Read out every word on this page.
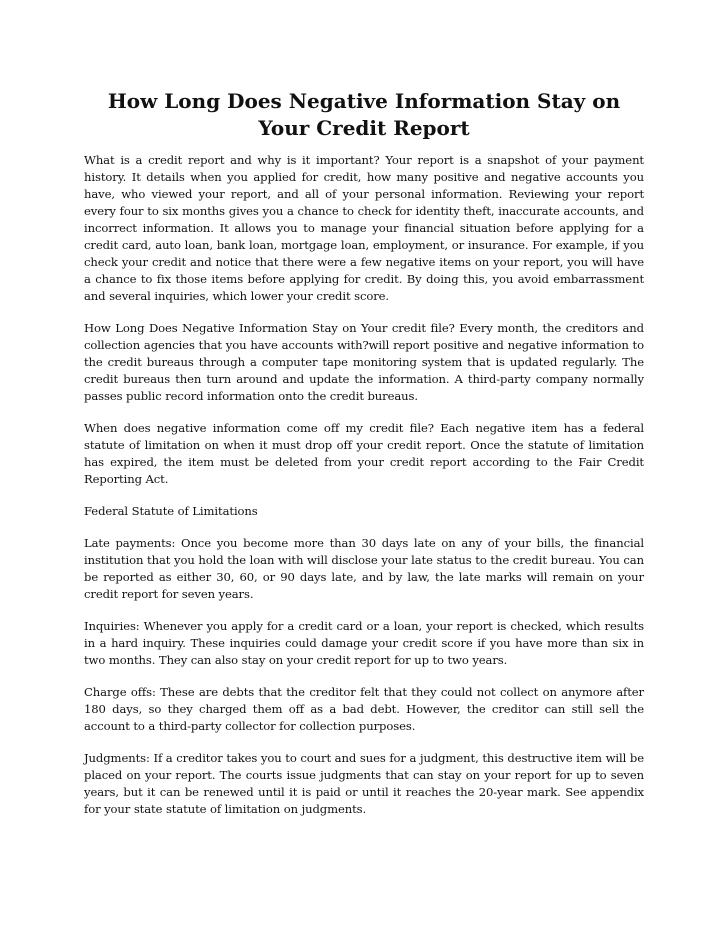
How Long Does Negative Information Stay on Your Credit Report

What is a credit report and why is it important? Your report is a snapshot of your payment history. It details when you applied for credit, how many positive and negative accounts you have, who viewed your report, and all of your personal information. Reviewing your report every four to six months gives you a chance to check for identity theft, inaccurate accounts, and incorrect information. It allows you to manage your financial situation before applying for a credit card, auto loan, bank loan, mortgage loan, employment, or insurance. For example, if you check your credit and notice that there were a few negative items on your report, you will have a chance to fix those items before applying for credit. By doing this, you avoid embarrassment and several inquiries, which lower your credit score.

How Long Does Negative Information Stay on Your credit file? Every month, the creditors and collection agencies that you have accounts with?will report positive and negative information to the credit bureaus through a computer tape monitoring system that is updated regularly. The credit bureaus then turn around and update the information. A third-party company normally passes public record information onto the credit bureaus.

When does negative information come off my credit file? Each negative item has a federal statute of limitation on when it must drop off your credit report. Once the statute of limitation has expired, the item must be deleted from your credit report according to the Fair Credit Reporting Act.

Federal Statute of Limitations

Late payments: Once you become more than 30 days late on any of your bills, the financial institution that you hold the loan with will disclose your late status to the credit bureau. You can be reported as either 30, 60, or 90 days late, and by law, the late marks will remain on your credit report for seven years.

Inquiries: Whenever you apply for a credit card or a loan, your report is checked, which results in a hard inquiry. These inquiries could damage your credit score if you have more than six in two months. They can also stay on your credit report for up to two years.

Charge offs: These are debts that the creditor felt that they could not collect on anymore after 180 days, so they charged them off as a bad debt. However, the creditor can still sell the account to a third-party collector for collection purposes.

Judgments: If a creditor takes you to court and sues for a judgment, this destructive item will be placed on your report. The courts issue judgments that can stay on your report for up to seven years, but it can be renewed until it is paid or until it reaches the 20-year mark. See appendix for your state statute of limitation on judgments.
